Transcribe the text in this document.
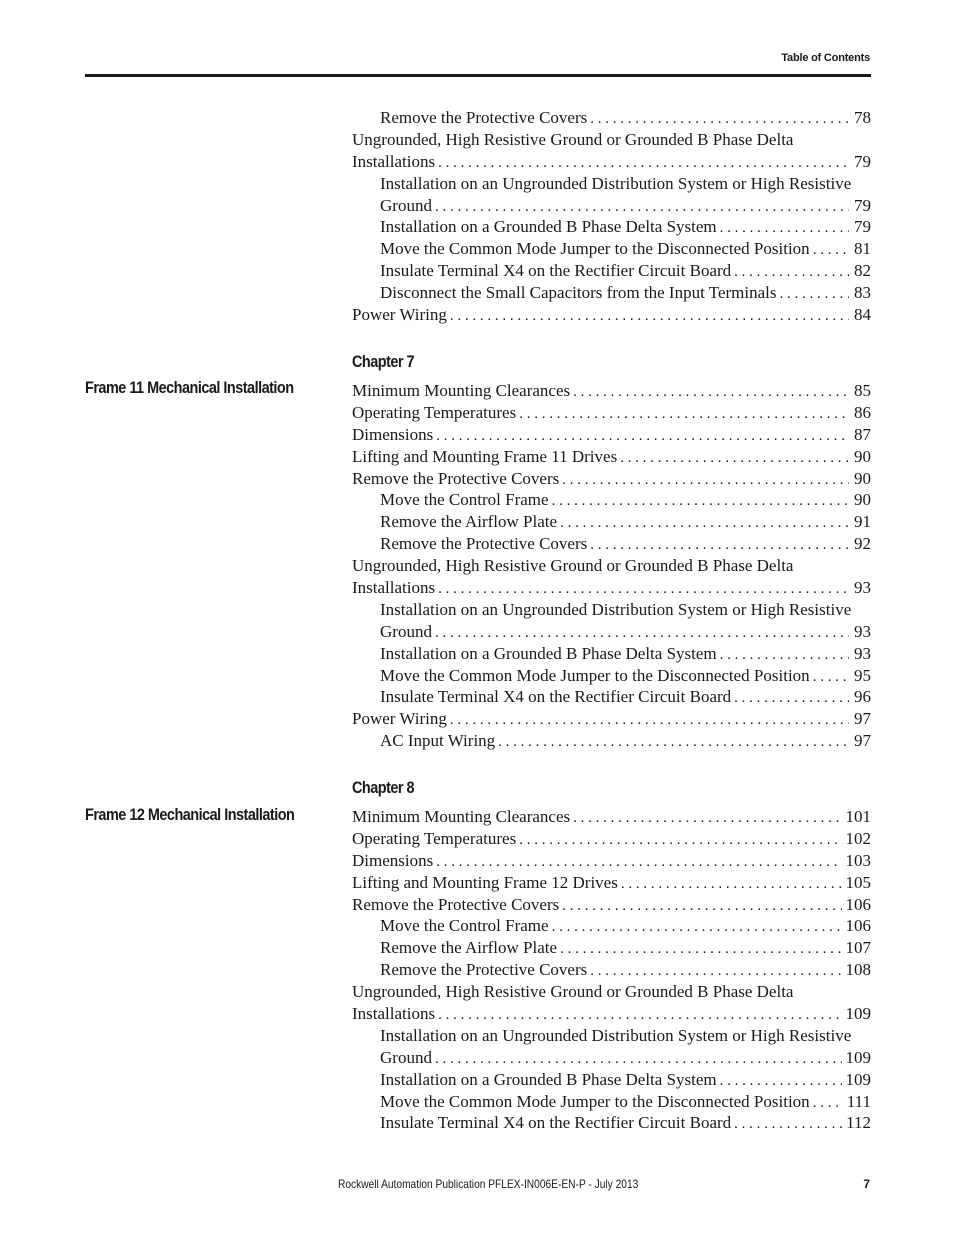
Table of Contents
Remove the Protective Covers . . .	78
Ungrounded, High Resistive Ground or Grounded B Phase Delta
Installations . . .	79
Installation on an Ungrounded Distribution System or High Resistive
Ground . . .	79
Installation on a Grounded B Phase Delta System . . .	79
Move the Common Mode Jumper to the Disconnected Position . . .	81
Insulate Terminal X4 on the Rectifier Circuit Board . . .	82
Disconnect the Small Capacitors from the Input Terminals . . .	83
Power Wiring . . .	84
Chapter 7
Frame 11 Mechanical Installation	Minimum Mounting Clearances . . .	85
Operating Temperatures . . .	86
Dimensions . . .	87
Lifting and Mounting Frame 11 Drives . . .	90
Remove the Protective Covers . . .	90
Move the Control Frame . . .	90
Remove the Airflow Plate . . .	91
Remove the Protective Covers . . .	92
Ungrounded, High Resistive Ground or Grounded B Phase Delta
Installations . . .	93
Installation on an Ungrounded Distribution System or High Resistive
Ground . . .	93
Installation on a Grounded B Phase Delta System . . .	93
Move the Common Mode Jumper to the Disconnected Position . . .	95
Insulate Terminal X4 on the Rectifier Circuit Board . . .	96
Power Wiring . . .	97
AC Input Wiring . . .	97
Chapter 8
Frame 12 Mechanical Installation	Minimum Mounting Clearances . . .	101
Operating Temperatures . . .	102
Dimensions . . .	103
Lifting and Mounting Frame 12 Drives . . .	105
Remove the Protective Covers . . .	106
Move the Control Frame . . .	106
Remove the Airflow Plate . . .	107
Remove the Protective Covers . . .	108
Ungrounded, High Resistive Ground or Grounded B Phase Delta
Installations . . .	109
Installation on an Ungrounded Distribution System or High Resistive
Ground . . .	109
Installation on a Grounded B Phase Delta System . . .	109
Move the Common Mode Jumper to the Disconnected Position . . . 111
Insulate Terminal X4 on the Rectifier Circuit Board . . .	112
Rockwell Automation Publication PFLEX-IN006E-EN-P - July 2013	7
